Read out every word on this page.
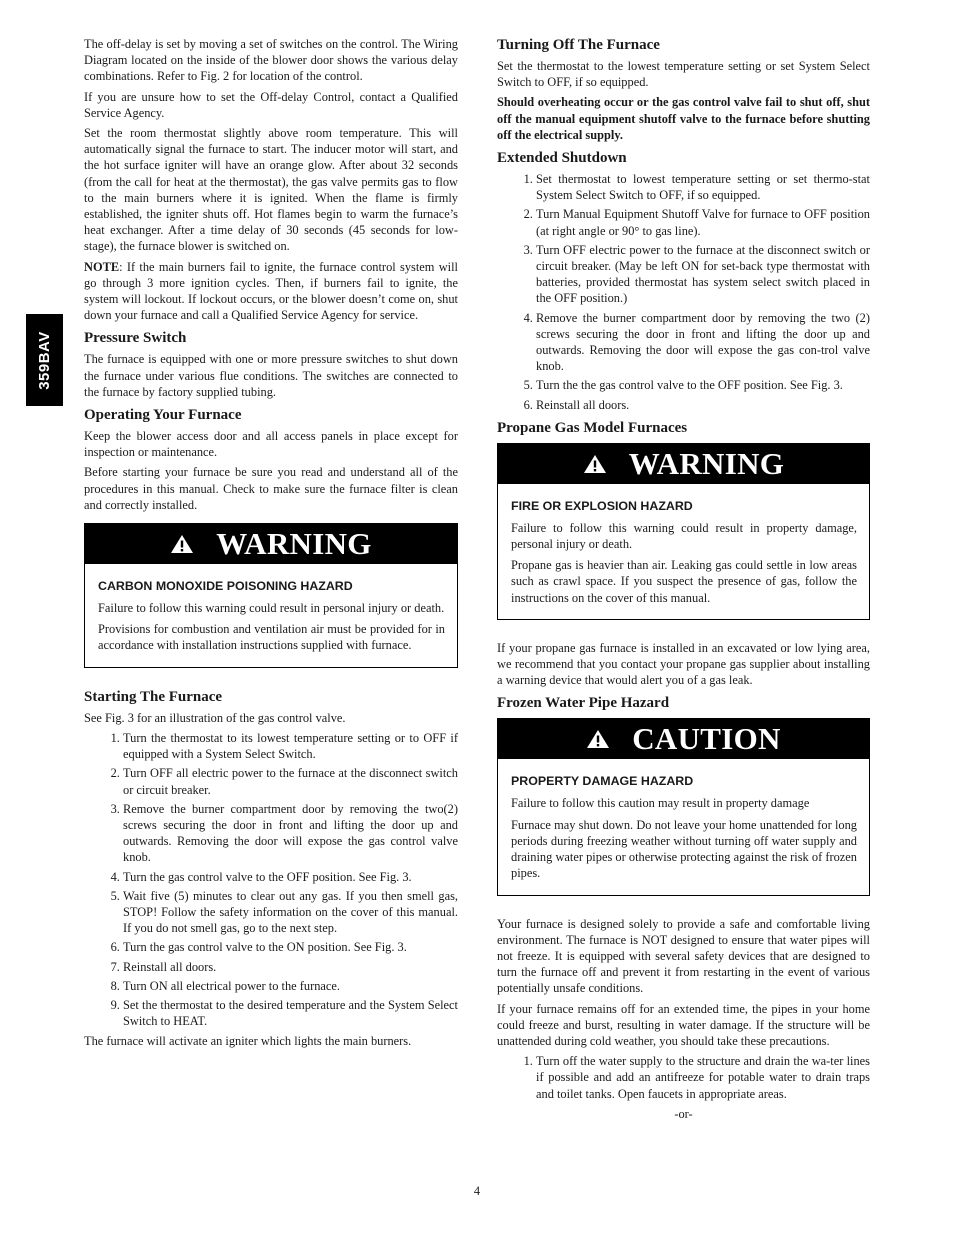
359BAV

The off-delay is set by moving a set of switches on the control. The Wiring Diagram located on the inside of the blower door shows the various delay combinations. Refer to Fig. 2 for location of the control.

If you are unsure how to set the Off-delay Control, contact a Qualified Service Agency.

Set the room thermostat slightly above room temperature. This will automatically signal the furnace to start. The inducer motor will start, and the hot surface igniter will have an orange glow. After about 32 seconds (from the call for heat at the thermostat), the gas valve permits gas to flow to the main burners where it is ignited. When the flame is firmly established, the igniter shuts off. Hot flames begin to warm the furnace’s heat exchanger. After a time delay of 30 seconds (45 seconds for low-stage), the furnace blower is switched on.

NOTE: If the main burners fail to ignite, the furnace control system will go through 3 more ignition cycles. Then, if burners fail to ignite, the system will lockout. If lockout occurs, or the blower doesn’t come on, shut down your furnace and call a Qualified Service Agency for service.

Pressure Switch

The furnace is equipped with one or more pressure switches to shut down the furnace under various flue conditions. The switches are connected to the furnace by factory supplied tubing.

Operating Your Furnace

Keep the blower access door and all access panels in place except for inspection or maintenance.

Before starting your furnace be sure you read and understand all of the procedures in this manual. Check to make sure the furnace filter is clean and correctly installed.

WARNING
CARBON MONOXIDE POISONING HAZARD

Failure to follow this warning could result in personal injury or death.

Provisions for combustion and ventilation air must be provided for in accordance with installation instructions supplied with furnace.

Starting The Furnace

See Fig. 3 for an illustration of the gas control valve.

1. Turn the thermostat to its lowest temperature setting or to OFF if equipped with a System Select Switch.
2. Turn OFF all electric power to the furnace at the disconnect switch or circuit breaker.
3. Remove the burner compartment door by removing the two(2) screws securing the door in front and lifting the door up and outwards. Removing the door will expose the gas control valve knob.
4. Turn the gas control valve to the OFF position. See Fig. 3.
5. Wait five (5) minutes to clear out any gas. If you then smell gas, STOP! Follow the safety information on the cover of this manual. If you do not smell gas, go to the next step.
6. Turn the gas control valve to the ON position. See Fig. 3.
7. Reinstall all doors.
8. Turn ON all electrical power to the furnace.
9. Set the thermostat to the desired temperature and the System Select Switch to HEAT.

The furnace will activate an igniter which lights the main burners.

Turning Off The Furnace

Set the thermostat to the lowest temperature setting or set System Select Switch to OFF, if so equipped.

Should overheating occur or the gas control valve fail to shut off, shut off the manual equipment shutoff valve to the furnace before shutting off the electrical supply.

Extended Shutdown
1. Set thermostat to lowest temperature setting or set thermo-stat System Select Switch to OFF, if so equipped.
2. Turn Manual Equipment Shutoff Valve for furnace to OFF position (at right angle or 90° to gas line).
3. Turn OFF electric power to the furnace at the disconnect switch or circuit breaker. (May be left ON for set-back type thermostat with batteries, provided thermostat has system select switch placed in the OFF position.)
4. Remove the burner compartment door by removing the two (2) screws securing the door in front and lifting the door up and outwards. Removing the door will expose the gas con-trol valve knob.
5. Turn the the gas control valve to the OFF position. See Fig. 3.
6. Reinstall all doors.
Propane Gas Model Furnaces
WARNING
FIRE OR EXPLOSION HAZARD

Failure to follow this warning could result in property damage, personal injury or death.

Propane gas is heavier than air. Leaking gas could settle in low areas such as crawl space. If you suspect the presence of gas, follow the instructions on the cover of this manual.

If your propane gas furnace is installed in an excavated or low lying area, we recommend that you contact your propane gas supplier about installing a warning device that would alert you of a gas leak.

Frozen Water Pipe Hazard
CAUTION
PROPERTY DAMAGE HAZARD

Failure to follow this caution may result in property damage

Furnace may shut down. Do not leave your home unattended for long periods during freezing weather without turning off water supply and draining water pipes or otherwise protecting against the risk of frozen pipes.

Your furnace is designed solely to provide a safe and comfortable living environment. The furnace is NOT designed to ensure that water pipes will not freeze. It is equipped with several safety devices that are designed to turn the furnace off and prevent it from restarting in the event of various potentially unsafe conditions.

If your furnace remains off for an extended time, the pipes in your home could freeze and burst, resulting in water damage. If the structure will be unattended during cold weather, you should take these precautions.

1. Turn off the water supply to the structure and drain the wa-ter lines if possible and add an antifreeze for potable water to drain traps and toilet tanks. Open faucets in appropriate areas.
-or-
4
